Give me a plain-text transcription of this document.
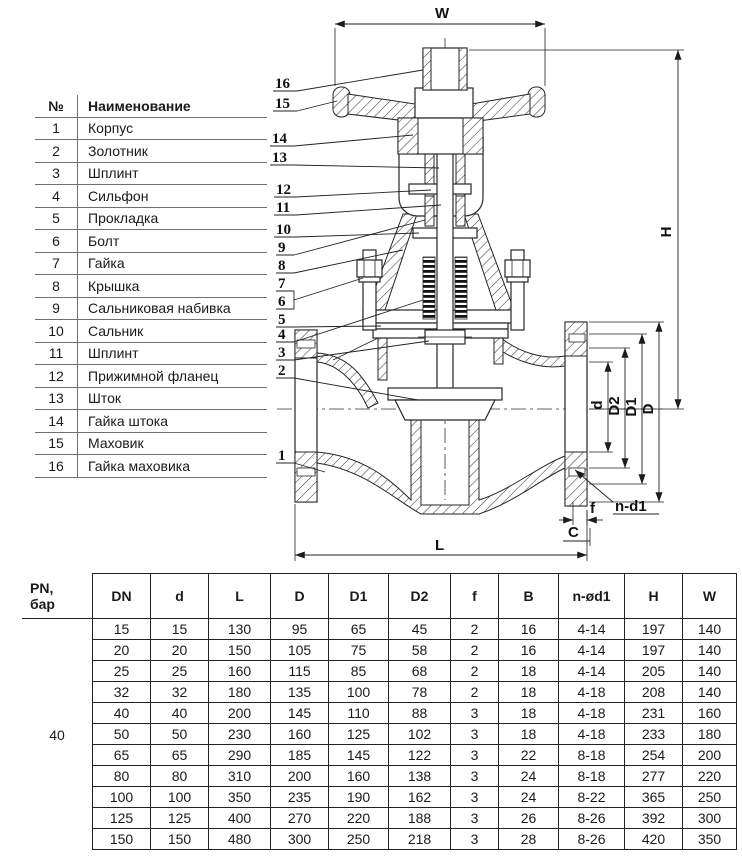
№	Наименование
1	Корпус
2	Золотник
3	Шплинт
4	Сильфон
5	Прокладка
6	Болт
7	Гайка
8	Крышка
9	Сальниковая набивка
10	Сальник
11	Шплинт
12	Прижимной фланец
13	Шток
14	Гайка штока
15	Маховик
16	Гайка маховика
W
H
L
d D2 D1 D
n-d1
f
C
16
15
14
13
12
11
10
9
8
7
6
5
4
3
2
1
PN,
бар
40
DN	d	L	D	D1	D2	f	B	n-ød1	H	W
15	15	130	95	65	45	2	16	4-14	197	140
20	20	150	105	75	58	2	16	4-14	197	140
25	25	160	115	85	68	2	18	4-14	205	140
32	32	180	135	100	78	2	18	4-18	208	140
40	40	200	145	110	88	3	18	4-18	231	160
50	50	230	160	125	102	3	18	4-18	233	180
65	65	290	185	145	122	3	22	8-18	254	200
80	80	310	200	160	138	3	24	8-18	277	220
100	100	350	235	190	162	3	24	8-22	365	250
125	125	400	270	220	188	3	26	8-26	392	300
150	150	480	300	250	218	3	28	8-26	420	350
